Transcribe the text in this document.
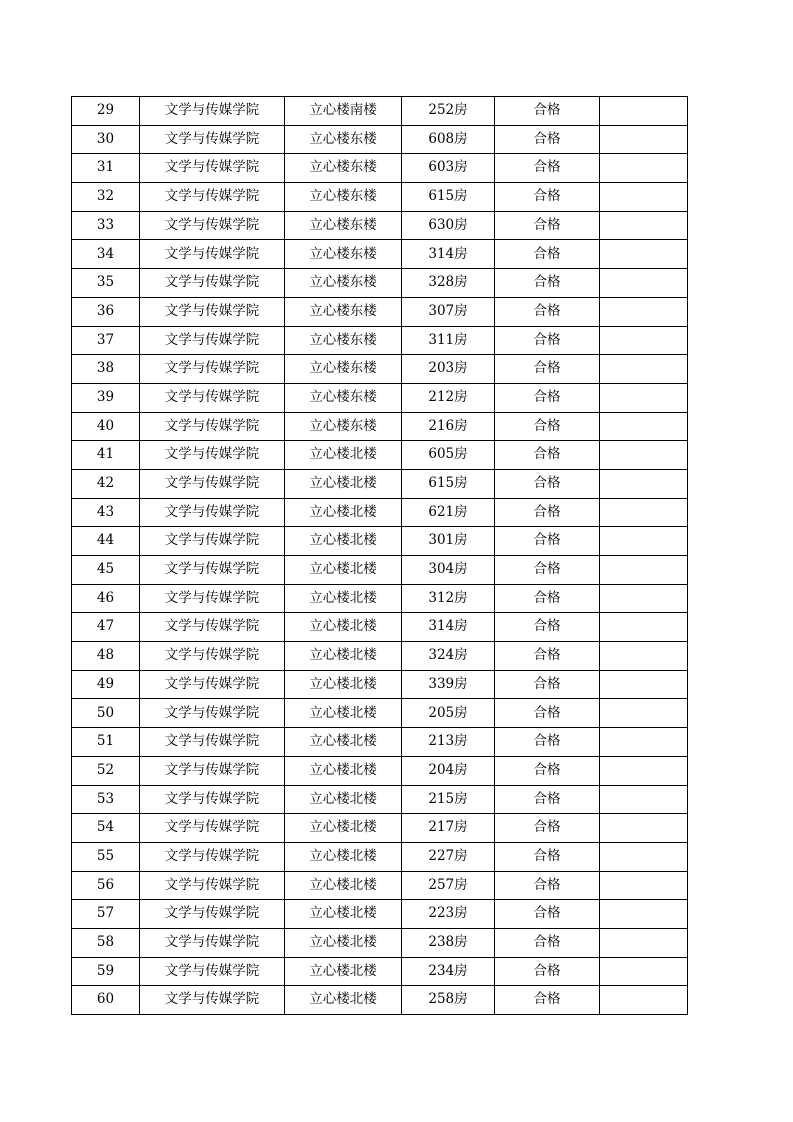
29	文学与传媒学院	立心楼南楼	252房	合格	
30	文学与传媒学院	立心楼东楼	608房	合格	
31	文学与传媒学院	立心楼东楼	603房	合格	
32	文学与传媒学院	立心楼东楼	615房	合格	
33	文学与传媒学院	立心楼东楼	630房	合格	
34	文学与传媒学院	立心楼东楼	314房	合格	
35	文学与传媒学院	立心楼东楼	328房	合格	
36	文学与传媒学院	立心楼东楼	307房	合格	
37	文学与传媒学院	立心楼东楼	311房	合格	
38	文学与传媒学院	立心楼东楼	203房	合格	
39	文学与传媒学院	立心楼东楼	212房	合格	
40	文学与传媒学院	立心楼东楼	216房	合格	
41	文学与传媒学院	立心楼北楼	605房	合格	
42	文学与传媒学院	立心楼北楼	615房	合格	
43	文学与传媒学院	立心楼北楼	621房	合格	
44	文学与传媒学院	立心楼北楼	301房	合格	
45	文学与传媒学院	立心楼北楼	304房	合格	
46	文学与传媒学院	立心楼北楼	312房	合格	
47	文学与传媒学院	立心楼北楼	314房	合格	
48	文学与传媒学院	立心楼北楼	324房	合格	
49	文学与传媒学院	立心楼北楼	339房	合格	
50	文学与传媒学院	立心楼北楼	205房	合格	
51	文学与传媒学院	立心楼北楼	213房	合格	
52	文学与传媒学院	立心楼北楼	204房	合格	
53	文学与传媒学院	立心楼北楼	215房	合格	
54	文学与传媒学院	立心楼北楼	217房	合格	
55	文学与传媒学院	立心楼北楼	227房	合格	
56	文学与传媒学院	立心楼北楼	257房	合格	
57	文学与传媒学院	立心楼北楼	223房	合格	
58	文学与传媒学院	立心楼北楼	238房	合格	
59	文学与传媒学院	立心楼北楼	234房	合格	
60	文学与传媒学院	立心楼北楼	258房	合格	
